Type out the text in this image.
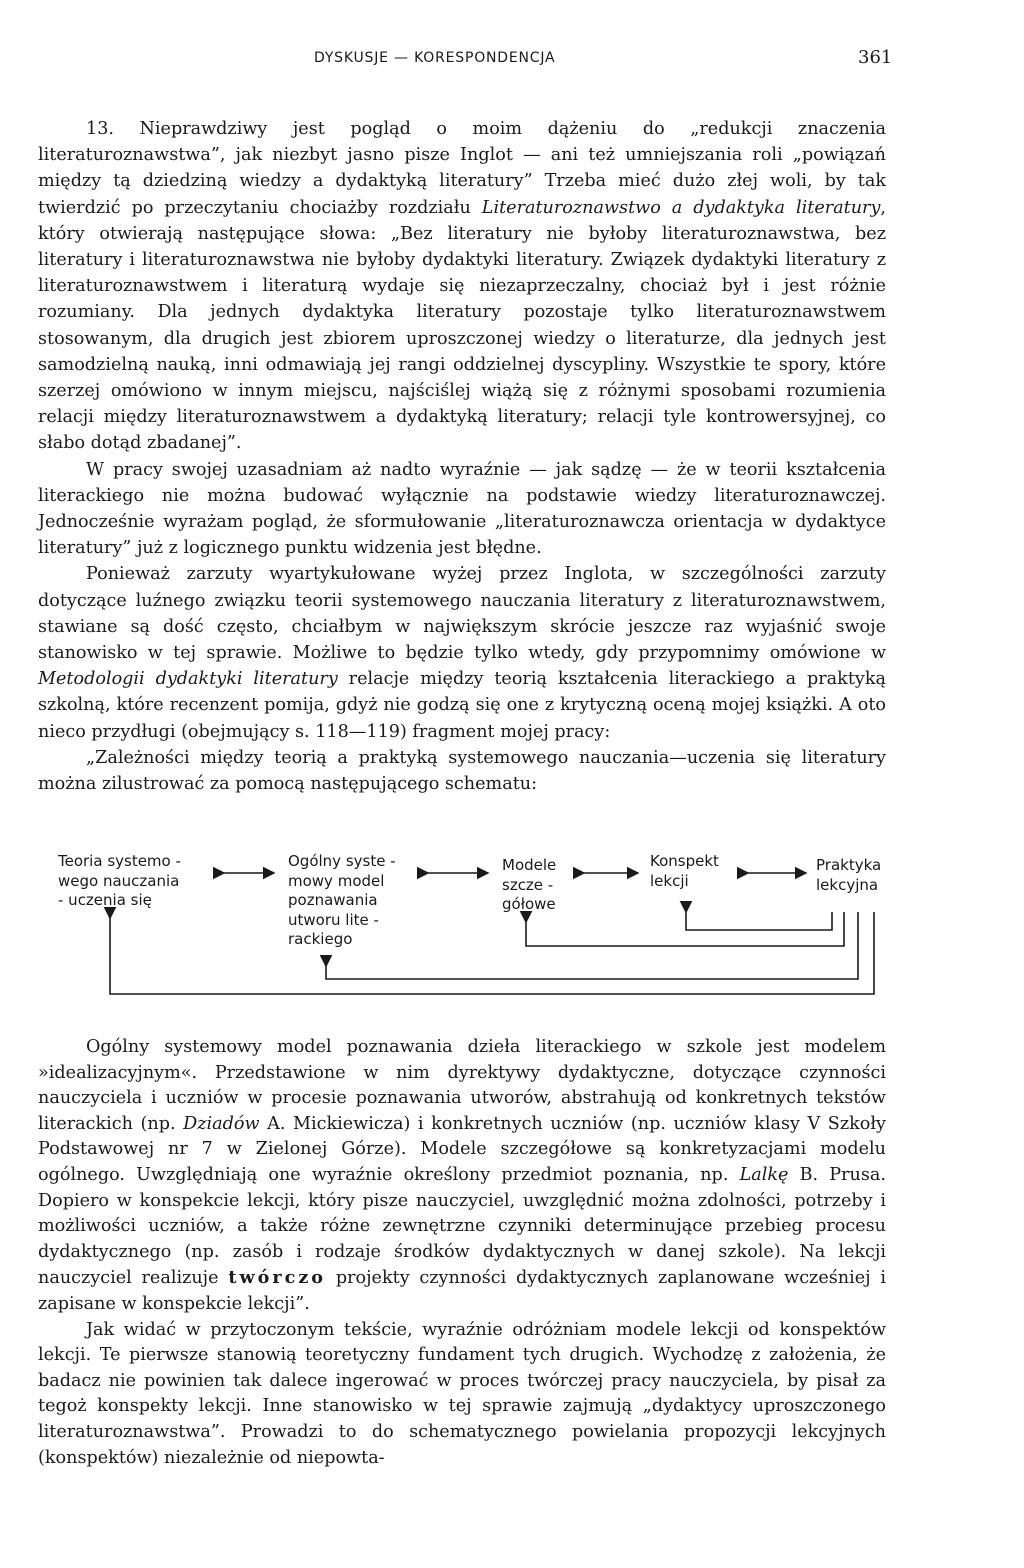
DYSKUSJE — KORESPONDENCJA	361

13. Nieprawdziwy jest pogląd o moim dążeniu do „redukcji znaczenia literaturoznawstwa”, jak niezbyt jasno pisze Inglot — ani też umniejszania roli „powiązań między tą dziedziną wiedzy a dydaktyką literatury” Trzeba mieć dużo złej woli, by tak twierdzić po przeczytaniu chociażby rozdziału Literaturoznawstwo a dydaktyka literatury, który otwierają następujące słowa: „Bez literatury nie byłoby literaturoznawstwa, bez literatury i literaturoznawstwa nie byłoby dydaktyki literatury. Związek dydaktyki literatury z literaturoznawstwem i literaturą wydaje się niezaprzeczalny, chociaż był i jest różnie rozumiany. Dla jednych dydaktyka literatury pozostaje tylko literaturoznawstwem stosowanym, dla drugich jest zbiorem uproszczonej wiedzy o literaturze, dla jednych jest samodzielną nauką, inni odmawiają jej rangi oddzielnej dyscypliny. Wszystkie te spory, które szerzej omówiono w innym miejscu, najściślej wiążą się z różnymi sposobami rozumienia relacji między literaturoznawstwem a dydaktyką literatury; relacji tyle kontrowersyjnej, co słabo dotąd zbadanej”.

W pracy swojej uzasadniam aż nadto wyraźnie — jak sądzę — że w teorii kształcenia literackiego nie można budować wyłącznie na podstawie wiedzy literaturoznawczej. Jednocześnie wyrażam pogląd, że sformułowanie „literaturoznawcza orientacja w dydaktyce literatury” już z logicznego punktu widzenia jest błędne.

Ponieważ zarzuty wyartykułowane wyżej przez Inglota, w szczególności zarzuty dotyczące luźnego związku teorii systemowego nauczania literatury z literaturoznawstwem, stawiane są dość często, chciałbym w największym skrócie jeszcze raz wyjaśnić swoje stanowisko w tej sprawie. Możliwe to będzie tylko wtedy, gdy przypomnimy omówione w Metodologii dydaktyki literatury relacje między teorią kształcenia literackiego a praktyką szkolną, które recenzent pomija, gdyż nie godzą się one z krytyczną oceną mojej książki. A oto nieco przydługi (obejmujący s. 118—119) fragment mojej pracy:

„Zależności między teorią a praktyką systemowego nauczania—uczenia się literatury można zilustrować za pomocą następującego schematu:

Teoria systemo -
wego nauczania
- uczenia się
Ogólny syste -
mowy model
poznawania
utworu lite -
rackiego
Modele
szcze -
gółowe
Konspekt
lekcji
Praktyka
lekcyjna

Ogólny systemowy model poznawania dzieła literackiego w szkole jest modelem »idealizacyjnym«. Przedstawione w nim dyrektywy dydaktyczne, dotyczące czynności nauczyciela i uczniów w procesie poznawania utworów, abstrahują od konkretnych tekstów literackich (np. Dziadów A. Mickiewicza) i konkretnych uczniów (np. uczniów klasy V Szkoły Podstawowej nr 7 w Zielonej Górze). Modele szczegółowe są konkretyzacjami modelu ogólnego. Uwzględniają one wyraźnie określony przedmiot poznania, np. Lalkę B. Prusa. Dopiero w konspekcie lekcji, który pisze nauczyciel, uwzględnić można zdolności, potrzeby i możliwości uczniów, a także różne zewnętrzne czynniki determinujące przebieg procesu dydaktycznego (np. zasób i rodzaje środków dydaktycznych w danej szkole). Na lekcji nauczyciel realizuje twórczo projekty czynności dydaktycznych zaplanowane wcześniej i zapisane w konspekcie lekcji”.

Jak widać w przytoczonym tekście, wyraźnie odróżniam modele lekcji od konspektów lekcji. Te pierwsze stanowią teoretyczny fundament tych drugich. Wychodzę z założenia, że badacz nie powinien tak dalece ingerować w proces twórczej pracy nauczyciela, by pisał za tegoż konspekty lekcji. Inne stanowisko w tej sprawie zajmują „dydaktycy uproszczonego literaturoznawstwa”. Prowadzi to do schematycznego powielania propozycji lekcyjnych (konspektów) niezależnie od niepowta-
